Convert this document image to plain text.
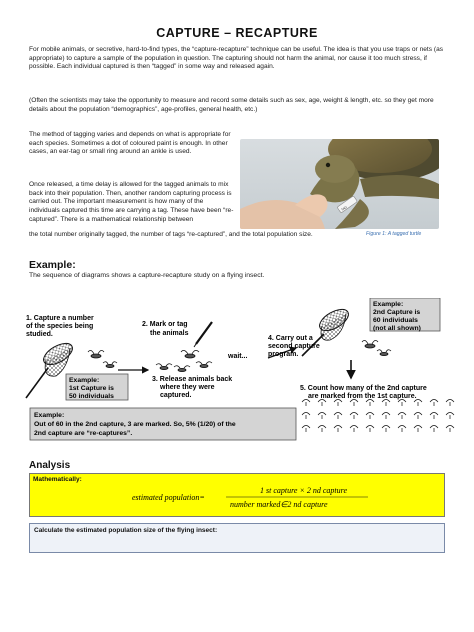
CAPTURE – RECAPTURE
For mobile animals, or secretive, hard-to-find types, the “capture-recapture” technique can be useful. The idea is that you use traps or nets (as appropriate) to capture a sample of the population in question. The capturing should not harm the animal, nor cause it too much stress, if possible. Each individual captured is then “tagged” in some way and released again.
(Often the scientists may take the opportunity to measure and record some details such as sex, age, weight & length, etc. so they get more details about the population “demographics”, age-profiles, general health, etc.)
The method of tagging varies and depends on what is appropriate for each species. Sometimes a dot of coloured paint is enough. In other cases, an ear-tag or small ring around an ankle is used.
Once released, a time delay is allowed for the tagged animals to mix back into their population. Then, another random capturing process is carried out. The important measurement is how many of the individuals captured this time are carrying a tag. These have been “re-captured”. There is a mathematical relationship between
the total number originally tagged, the number of tags “re-captured”, and the total population size.
TAG
Figure 1: A tagged turtle
Example:
The sequence of diagrams shows a capture-recapture study on a flying insect.
1. Capture a number
of the species being
studied.
Example:
1st Capture is
50 individuals
2. Mark or tag
the animals
3. Release animals back
where they were
captured.
wait...
4. Carry out a
second capture
program.
Example:
2nd Capture is
60 individuals
(not all shown)
5. Count how many of the 2nd capture
are marked from the 1st capture.
Example:
Out of 60 in the 2nd capture, 3 are marked. So, 5% (1/20) of the
2nd capture are “re-captures”.
Analysis
Mathematically:
estimated population=
1 st capture × 2 nd capture
number marked∈2 nd capture
Calculate the estimated population size of the flying insect:
